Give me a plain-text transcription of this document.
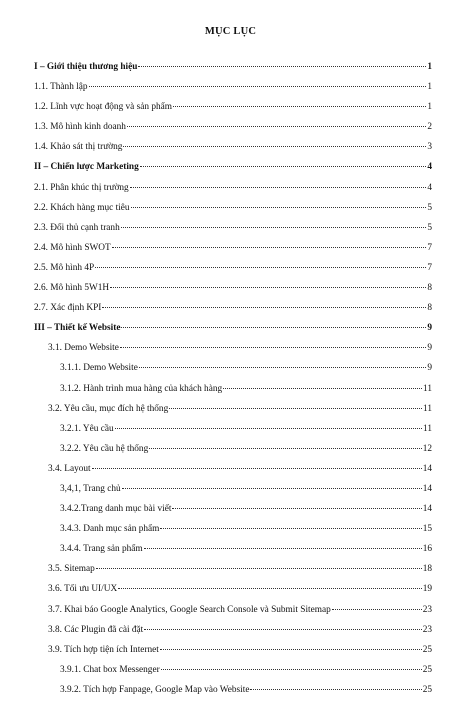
MỤC LỤC
I – Giới thiệu thương hiệu	1
1.1. Thành lập	1
1.2. Lĩnh vực hoạt động và sản phẩm	1
1.3. Mô hình kinh doanh	2
1.4. Khảo sát thị trường	3
II – Chiến lược Marketing	4
2.1. Phân khúc thị trường	4
2.2. Khách hàng mục tiêu	5
2.3. Đối thủ cạnh tranh	5
2.4. Mô hình SWOT	7
2.5. Mô hình 4P	7
2.6. Mô hình 5W1H	8
2.7. Xác định KPI	8
III – Thiết kế Website	9
3.1. Demo Website	9
3.1.1. Demo Website	9
3.1.2. Hành trình mua hàng của khách hàng	11
3.2. Yêu cầu, mục đích hệ thống	11
3.2.1. Yêu cầu	11
3.2.2. Yêu cầu hệ thống	12
3.4. Layout	14
3,4,1, Trang chủ	14
3.4.2.Trang danh mục bài viết	14
3.4.3. Danh mục sản phẩm	15
3.4.4. Trang sản phẩm	16
3.5. Sitemap	18
3.6. Tối ưu UI/UX	19
3.7. Khai báo Google Analytics, Google Search Console và Submit Sitemap	23
3.8. Các Plugin đã cài đặt	23
3.9. Tích hợp tiện ích Internet	25
3.9.1. Chat box Messenger	25
3.9.2. Tích hợp Fanpage, Google Map vào Website	25
